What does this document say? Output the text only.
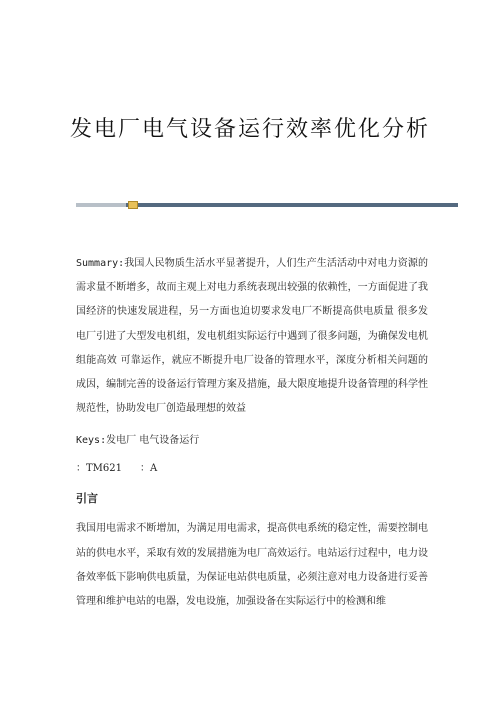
发电厂电气设备运行效率优化分析

Summary:我国人民物质生活水平显著提升，人们生产生活活动中对电力资源的需求量不断增多，故而主观上对电力系统表现出较强的依赖性，一方面促进了我国经济的快速发展进程，另一方面也迫切要求发电厂不断提高供电质量 很多发电厂引进了大型发电机组，发电机组实际运行中遇到了很多问题，为确保发电机组能高效 可靠运作，就应不断提升电厂设备的管理水平，深度分析相关问题的成因，编制完善的设备运行管理方案及措施，最大限度地提升设备管理的科学性 规范性，协助发电厂创造最理想的效益

Keys:发电厂 电气设备运行
：TM621 ：A
引言

我国用电需求不断增加，为满足用电需求，提高供电系统的稳定性，需要控制电站的供电水平，采取有效的发展措施为电厂高效运行。电站运行过程中，电力设备效率低下影响供电质量，为保证电站供电质量，必须注意对电力设备进行妥善管理和维护电站的电器，发电设施，加强设备在实际运行中的检测和维
